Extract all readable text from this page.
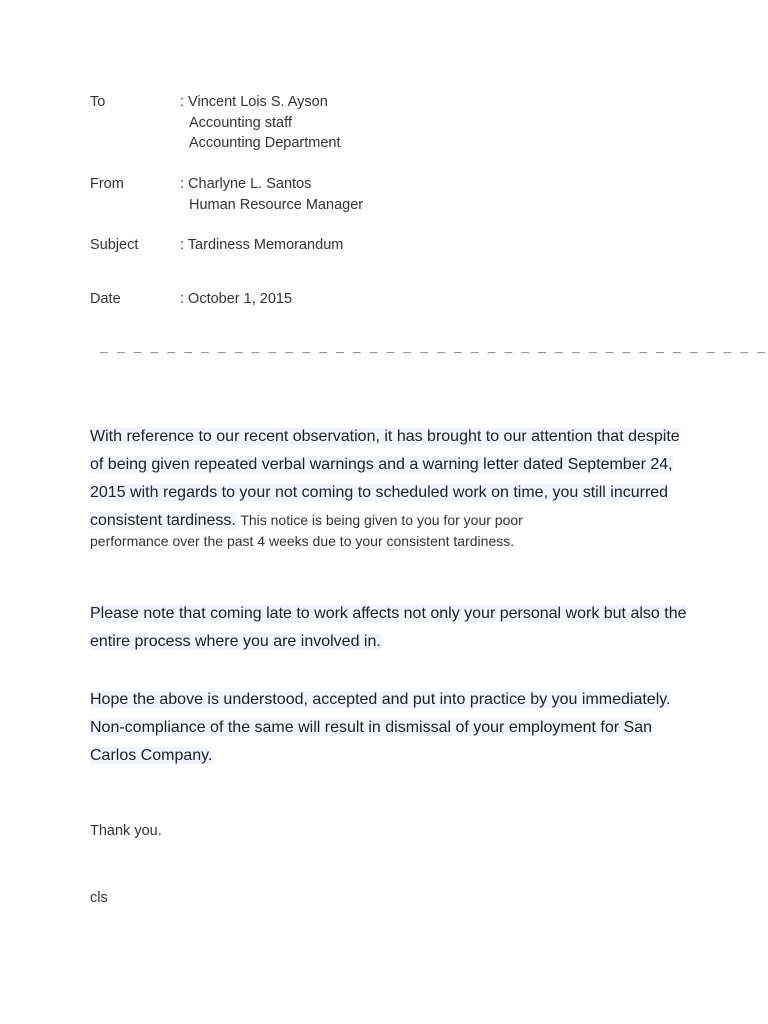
To	: Vincent Lois S. Ayson
Accounting staff
Accounting Department
From	: Charlyne L. Santos
Human Resource Manager
Subject	: Tardiness Memorandum
Date	: October 1, 2015
_ _ _ _ _ _ _ _ _ _ _ _ _ _ _ _ _ _ _ _ _ _ _ _ _ _ _ _ _ _ _ _ _ _ _ _ _ _ _ _
With reference to our recent observation, it has brought to our attention that despite of being given repeated verbal warnings and a warning letter dated September 24, 2015 with regards to your not coming to scheduled work on time, you still incurred consistent tardiness. This notice is being given to you for your poor
performance over the past 4 weeks due to your consistent tardiness.
Please note that coming late to work affects not only your personal work but also the entire process where you are involved in.
Hope the above is understood, accepted and put into practice by you immediately. Non-compliance of the same will result in dismissal of your employment for San Carlos Company.
Thank you.
cls
